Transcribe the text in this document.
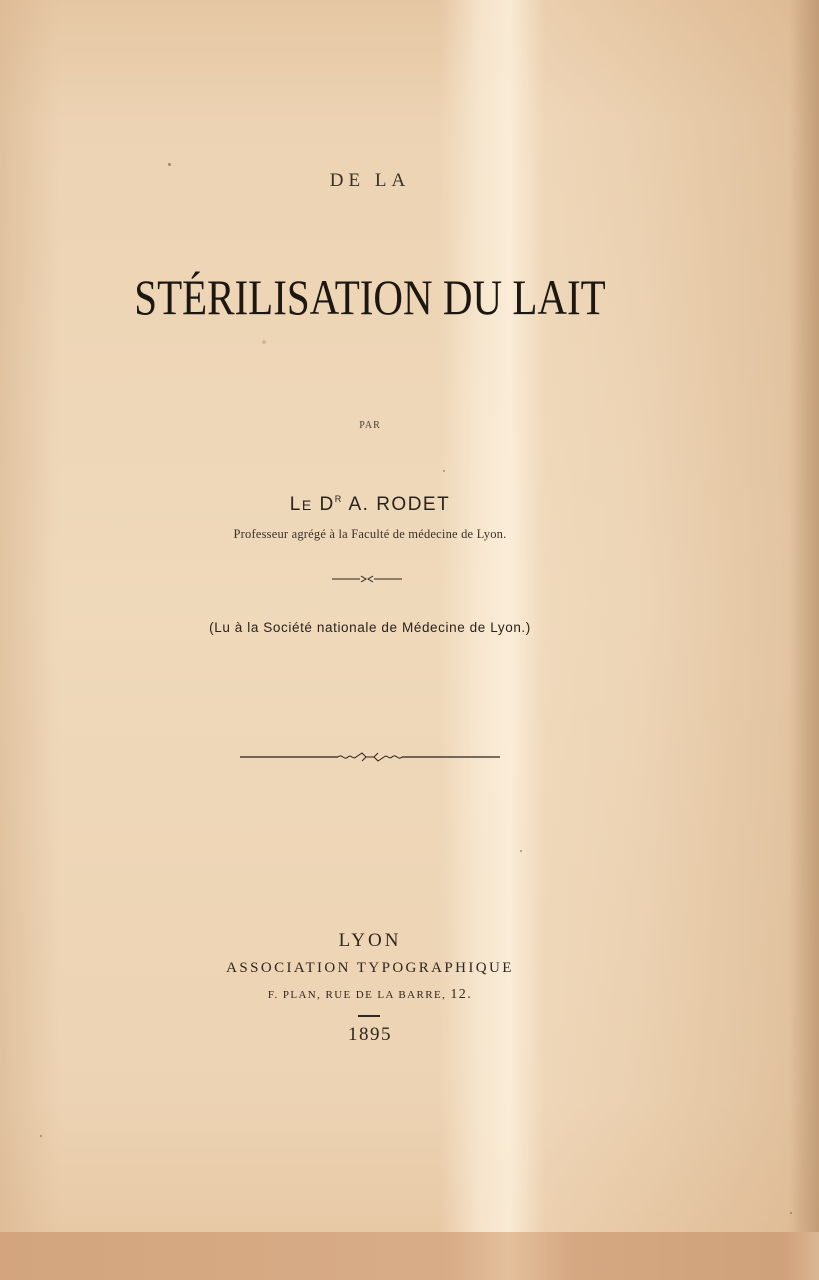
DE LA
STÉRILISATION DU LAIT
PAR
LE $D^R$ A. RODET
Professeur agrégé à la Faculté de médecine de Lyon.
(Lu à la Société nationale de Médecine de Lyon.)
LYON
ASSOCIATION TYPOGRAPHIQUE
F. PLAN, RUE DE LA BARRE, 12.
1895
